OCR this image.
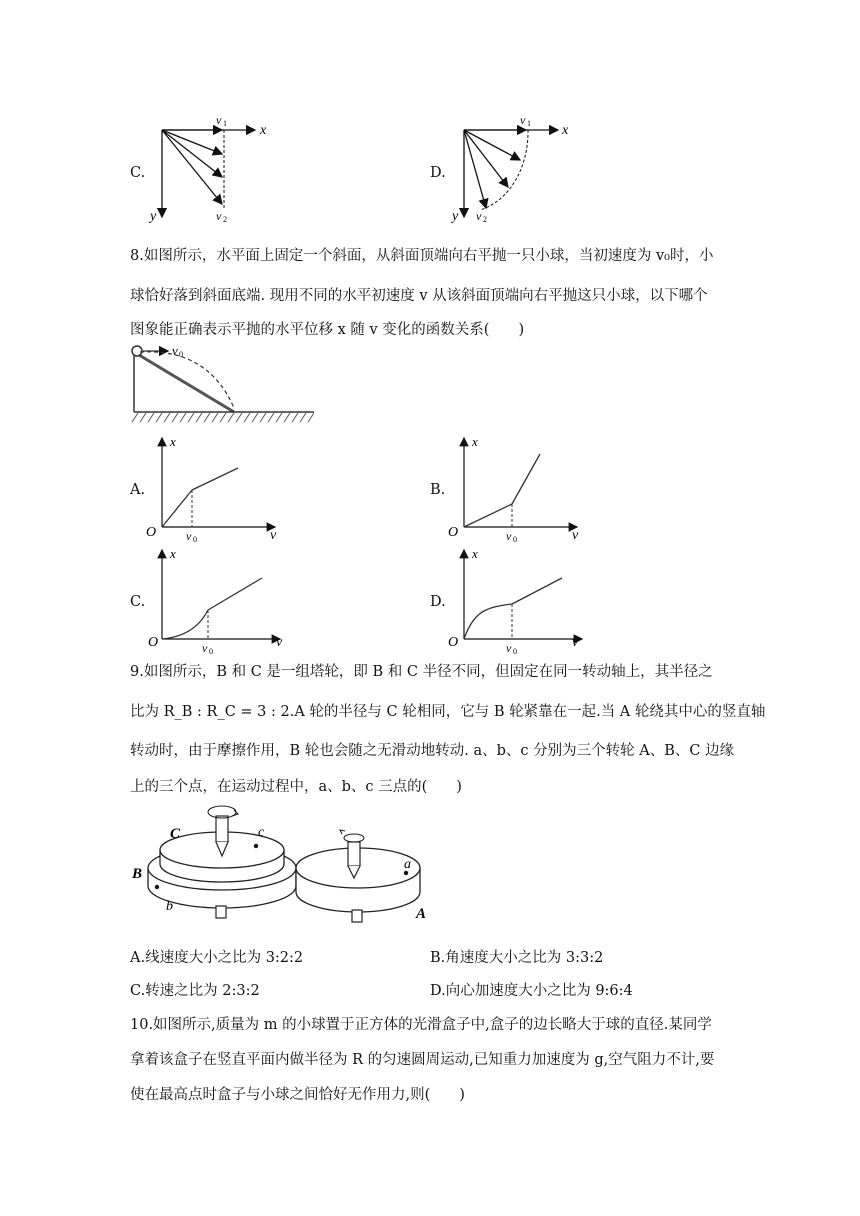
C.
x
y
v 1
v 2
D.
x
y
v 1
v 2
8.如图所示，水平面上固定一个斜面，从斜面顶端向右平抛一只小球，当初速度为 v₀时，小
球恰好落到斜面底端. 现用不同的水平初速度 v 从该斜面顶端向右平抛这只小球，以下哪个
图象能正确表示平抛的水平位移 x 随 v 变化的函数关系(　　)
v 0
A.
x
O	v
v 0
B.
x
O	v
v 0
C.
x
O	v
v 0
D.
x
O	v
v 0
9.如图所示，B 和 C 是一组塔轮，即 B 和 C 半径不同，但固定在同一转动轴上，其半径之
比为 R_B : R_C = 3 : 2.A 轮的半径与 C 轮相同，它与 B 轮紧靠在一起.当 A 轮绕其中心的竖直轴
转动时，由于摩擦作用，B 轮也会随之无滑动地转动. a、b、c 分别为三个转轮 A、B、C 边缘
上的三个点，在运动过程中，a、b、c 三点的(　　)
C	c
B
b
a
A
A.线速度大小之比为 3:2:2	B.角速度大小之比为 3:3:2
C.转速之比为 2:3:2	D.向心加速度大小之比为 9:6:4
10.如图所示,质量为 m 的小球置于正方体的光滑盒子中,盒子的边长略大于球的直径.某同学
拿着该盒子在竖直平面内做半径为 R 的匀速圆周运动,已知重力加速度为 g,空气阻力不计,要
使在最高点时盒子与小球之间恰好无作用力,则(　　)
